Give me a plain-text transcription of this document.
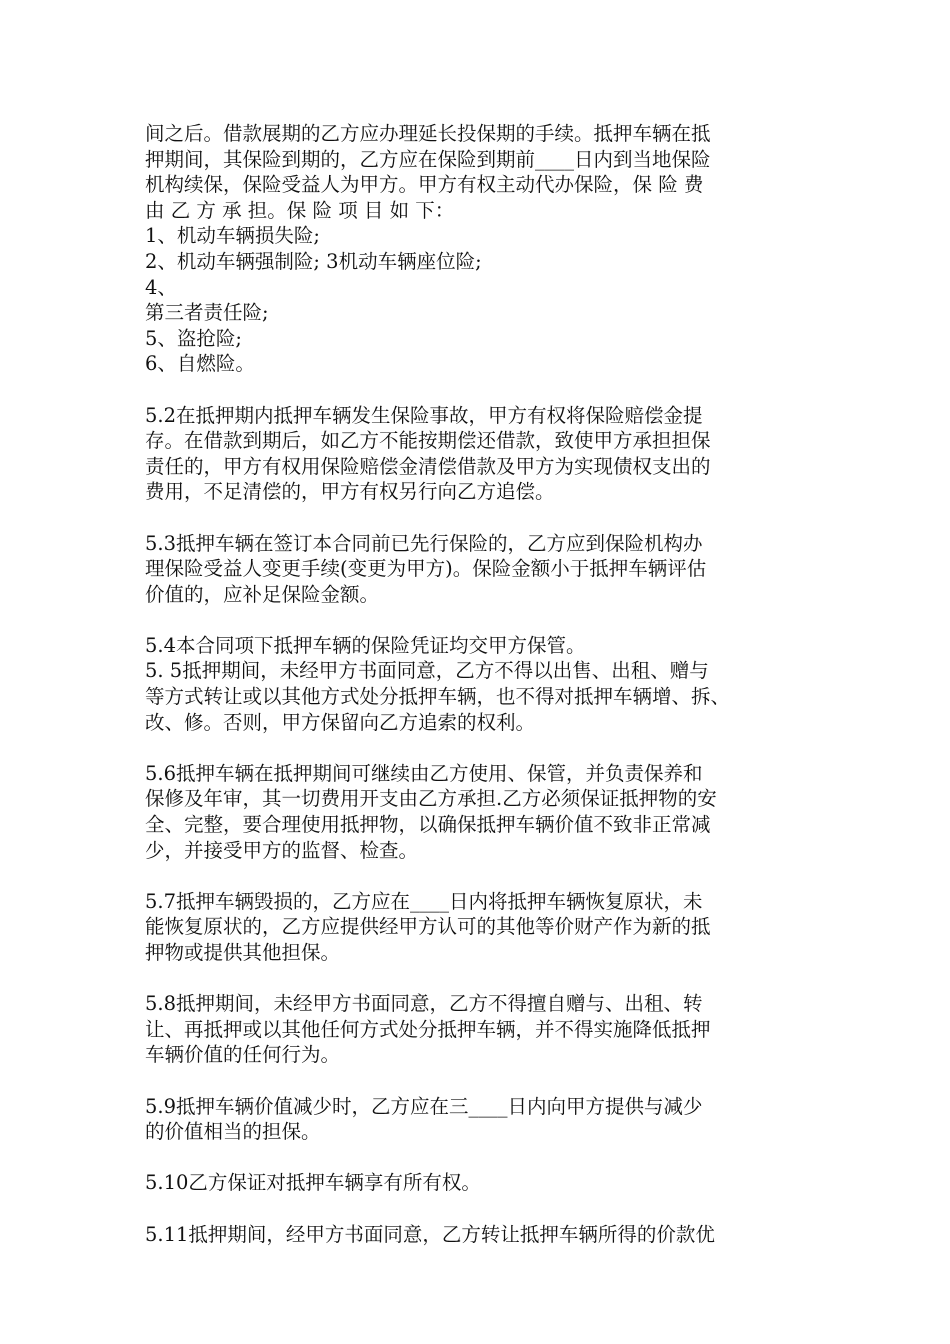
间之后。借款展期的乙方应办理延长投保期的手续。抵押车辆在抵
押期间，其保险到期的，乙方应在保险到期前____日内到当地保险
机构续保，保险受益人为甲方。甲方有权主动代办保险，保 险 费
由 乙 方 承 担。保 险 项 目 如 下：
1、机动车辆损失险;
2、机动车辆强制险; 3机动车辆座位险;
4、
第三者责任险;
5、盗抢险;
6、自燃险。
5.2在抵押期内抵押车辆发生保险事故，甲方有权将保险赔偿金提
存。在借款到期后，如乙方不能按期偿还借款，致使甲方承担担保
责任的，甲方有权用保险赔偿金清偿借款及甲方为实现债权支出的
费用，不足清偿的，甲方有权另行向乙方追偿。
5.3抵押车辆在签订本合同前已先行保险的，乙方应到保险机构办
理保险受益人变更手续(变更为甲方)。保险金额小于抵押车辆评估
价值的，应补足保险金额。
5.4本合同项下抵押车辆的保险凭证均交甲方保管。
5. 5抵押期间，未经甲方书面同意，乙方不得以出售、出租、赠与
等方式转让或以其他方式处分抵押车辆，也不得对抵押车辆增、拆、
改、修。否则，甲方保留向乙方追索的权利。
5.6抵押车辆在抵押期间可继续由乙方使用、保管，并负责保养和
保修及年审，其一切费用开支由乙方承担.乙方必须保证抵押物的安
全、完整，要合理使用抵押物，以确保抵押车辆价值不致非正常减
少，并接受甲方的监督、检查。
5.7抵押车辆毁损的，乙方应在____日内将抵押车辆恢复原状，未
能恢复原状的，乙方应提供经甲方认可的其他等价财产作为新的抵
押物或提供其他担保。
5.8抵押期间，未经甲方书面同意，乙方不得擅自赠与、出租、转
让、再抵押或以其他任何方式处分抵押车辆，并不得实施降低抵押
车辆价值的任何行为。
5.9抵押车辆价值减少时，乙方应在三____日内向甲方提供与减少
的价值相当的担保。
5.10乙方保证对抵押车辆享有所有权。
5.11抵押期间，经甲方书面同意，乙方转让抵押车辆所得的价款优
